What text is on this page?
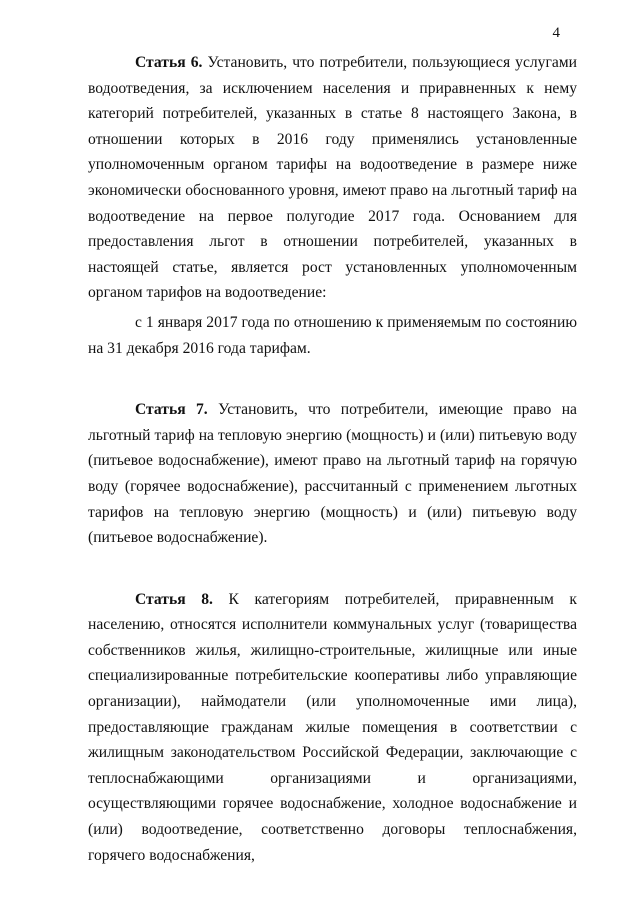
4

Статья 6. Установить, что потребители, пользующиеся услугами водоотведения, за исключением населения и приравненных к нему категорий потребителей, указанных в статье 8 настоящего Закона, в отношении которых в 2016 году применялись установленные уполномоченным органом тарифы на водоотведение в размере ниже экономически обоснованного уровня, имеют право на льготный тариф на водоотведение на первое полугодие 2017 года. Основанием для предоставления льгот в отношении потребителей, указанных в настоящей статье, является рост установленных уполномоченным органом тарифов на водоотведение:

с 1 января 2017 года по отношению к применяемым по состоянию на 31 декабря 2016 года тарифам.

Статья 7. Установить, что потребители, имеющие право на льготный тариф на тепловую энергию (мощность) и (или) питьевую воду (питьевое водоснабжение), имеют право на льготный тариф на горячую воду (горячее водоснабжение), рассчитанный с применением льготных тарифов на тепловую энергию (мощность) и (или) питьевую воду (питьевое водоснабжение).

Статья 8. К категориям потребителей, приравненным к населению, относятся исполнители коммунальных услуг (товарищества собственников жилья, жилищно-строительные, жилищные или иные специализированные потребительские кооперативы либо управляющие организации), наймодатели (или уполномоченные ими лица), предоставляющие гражданам жилые помещения в соответствии с жилищным законодательством Российской Федерации, заключающие с теплоснабжающими организациями и организациями, осуществляющими горячее водоснабжение, холодное водоснабжение и (или) водоотведение, соответственно договоры теплоснабжения, горячего водоснабжения,
